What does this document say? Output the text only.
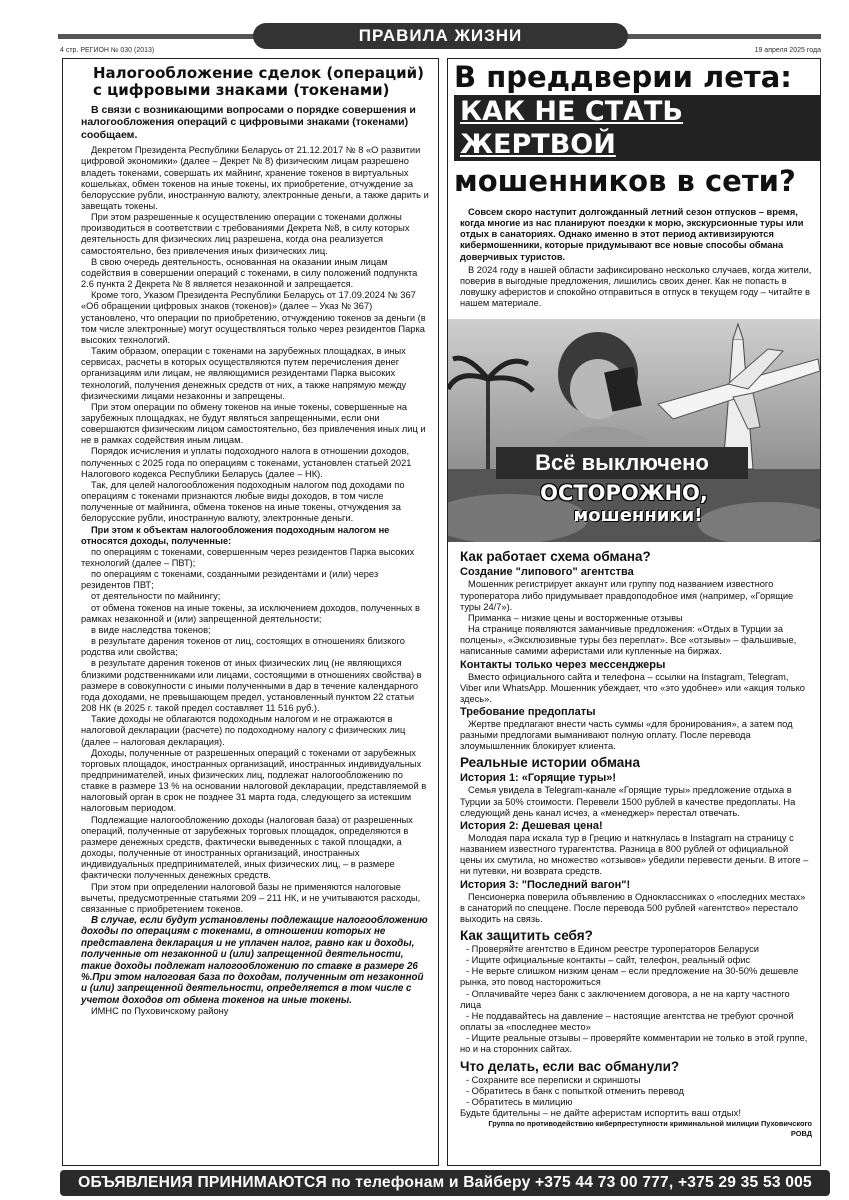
ПРАВИЛА ЖИЗНИ
4 стр. РЕГИОН № 030 (2013)	19 апреля 2025 года
Налогообложение сделок (операций) с цифровыми знаками (токенами)

В связи с возникающими вопросами о порядке совершения и налогообложения операций с цифровыми знаками (токенами) сообщаем.

Декретом Президента Республики Беларусь от 21.12.2017 № 8 «О развитии цифровой экономики» (далее – Декрет № 8) физическим лицам разрешено владеть токенами, совершать их майнинг, хранение токенов в виртуальных кошельках, обмен токенов на иные токены, их приобретение, отчуждение за белорусские рубли, иностранную валюту, электронные деньги, а также дарить и завещать токены.

При этом разрешенные к осуществлению операции с токенами должны производиться в соответствии с требованиями Декрета №8, в силу которых деятельность для физических лиц разрешена, когда она реализуется самостоятельно, без привлечения иных физических лиц.

В свою очередь деятельность, основанная на оказании иным лицам содействия в совершении операций с токенами, в силу положений подпункта 2.6 пункта 2 Декрета № 8 является незаконной и запрещается.

Кроме того, Указом Президента Республики Беларусь от 17.09.2024 № 367 «Об обращении цифровых знаков (токенов)» (далее – Указ № 367) установлено, что операции по приобретению, отчуждению токенов за деньги (в том числе электронные) могут осуществляться только через резидентов Парка высоких технологий.

Таким образом, операции с токенами на зарубежных площадках, в иных сервисах, расчеты в которых осуществляются путем перечисления денег организациям или лицам, не являющимися резидентами Парка высоких технологий, получения денежных средств от них, а также напрямую между физическими лицами незаконны и запрещены.

При этом операции по обмену токенов на иные токены, совершенные на зарубежных площадках, не будут являться запрещенными, если они совершаются физическим лицом самостоятельно, без привлечения иных лиц и не в рамках содействия иным лицам.

Порядок исчисления и уплаты подоходного налога в отношении доходов, полученных с 2025 года по операциям с токенами, установлен статьей 2021 Налогового кодекса Республики Беларусь (далее – НК).

Так, для целей налогообложения подоходным налогом под доходами по операциям с токенами признаются любые виды доходов, в том числе полученные от майнинга, обмена токенов на иные токены, отчуждения за белорусские рубли, иностранную валюту, электронные деньги.

При этом к объектам налогообложения подоходным налогом не относятся доходы, полученные:

по операциям с токенами, совершенным через резидентов Парка высоких технологий (далее – ПВТ);

по операциям с токенами, созданными резидентами и (или) через резидентов ПВТ;

от деятельности по майнингу;

от обмена токенов на иные токены, за исключением доходов, полученных в рамках незаконной и (или) запрещенной деятельности;

в виде наследства токенов;

в результате дарения токенов от лиц, состоящих в отношениях близкого родства или свойства;

в результате дарения токенов от иных физических лиц (не являющихся близкими родственниками или лицами, состоящими в отношениях свойства) в размере в совокупности с иными полученными в дар в течение календарного года доходами, не превышающем предел, установленный пунктом 22 статьи 208 НК (в 2025 г. такой предел составляет 11 516 руб.).

Такие доходы не облагаются подоходным налогом и не отражаются в налоговой декларации (расчете) по подоходному налогу с физических лиц (далее – налоговая декларация).

Доходы, полученные от разрешенных операций с токенами от зарубежных торговых площадок, иностранных организаций, иностранных индивидуальных предпринимателей, иных физических лиц, подлежат налогообложению по ставке в размере 13 % на основании налоговой декларации, представляемой в налоговый орган в срок не позднее 31 марта года, следующего за истекшим налоговым периодом.

Подлежащие налогообложению доходы (налоговая база) от разрешенных операций, полученные от зарубежных торговых площадок, определяются в размере денежных средств, фактически выведенных с такой площадки, а доходы, полученные от иностранных организаций, иностранных индивидуальных предпринимателей, иных физических лиц, – в размере фактически полученных денежных средств.

При этом при определении налоговой базы не применяются налоговые вычеты, предусмотренные статьями 209 – 211 НК, и не учитываются расходы, связанные с приобретением токенов.

В случае, если будут установлены подлежащие налогообложению доходы по операциям с токенами, в отношении которых не представлена декларация и не уплачен налог, равно как и доходы, полученные от незаконной и (или) запрещенной деятельности, такие доходы подлежат налогообложению по ставке в размере 26 %.При этом налоговая база по доходам, полученным от незаконной и (или) запрещенной деятельности, определяется в том числе с учетом доходов от обмена токенов на иные токены.

ИМНС по Пуховичскому району

В преддверии лета:
КАК НЕ СТАТЬ ЖЕРТВОЙ
мошенников в сети?

Совсем скоро наступит долгожданный летний сезон отпусков – время, когда многие из нас планируют поездки к морю, экскурсионные туры или отдых в санаториях. Однако именно в этот период активизируются кибермошенники, которые придумывают все новые способы обмана доверчивых туристов.

В 2024 году в нашей области зафиксировано несколько случаев, когда жители, поверив в выгодные предложения, лишились своих денег. Как не попасть в ловушку аферистов и спокойно отправиться в отпуск в текущем году – читайте в нашем материале.

Всё выключено
ОСТОРОЖНО,
мошенники!
Как работает схема обмана?
Создание "липового" агентства

Мошенник регистрирует аккаунт или группу под названием известного туроператора либо придумывает правдоподобное имя (например, «Горящие туры 24/7»).

Приманка – низкие цены и восторженные отзывы

На странице появляются заманчивые предложения: «Отдых в Турции за полцены», «Эксклюзивные туры без переплат». Все «отзывы» – фальшивые, написанные самими аферистами или купленные на биржах.

Контакты только через мессенджеры

Вместо официального сайта и телефона – ссылки на Instagram, Telegram, Viber или WhatsApp. Мошенник убеждает, что «это удобнее» или «акция только здесь».

Требование предоплаты

Жертве предлагают внести часть суммы «для бронирования», а затем под разными предлогами выманивают полную оплату. После перевода злоумышленник блокирует клиента.

Реальные истории обмана
История 1: «Горящие туры»!

Семья увидела в Telegram-канале «Горящие туры» предложение отдыха в Турции за 50% стоимости. Перевели 1500 рублей в качестве предоплаты. На следующий день канал исчез, а «менеджер» перестал отвечать.

История 2: Дешевая цена!

Молодая пара искала тур в Грецию и наткнулась в Instagram на страницу с названием известного турагентства. Разница в 800 рублей от официальной цены их смутила, но множество «отзывов» убедили перевести деньги. В итоге – ни путевки, ни возврата средств.

История 3: "Последний вагон"!

Пенсионерка поверила объявлению в Одноклассниках о «последних местах» в санаторий по спеццене. После перевода 500 рублей «агентство» перестало выходить на связь.

Как защитить себя?

- Проверяйте агентство в Едином реестре туроператоров Беларуси

- Ищите официальные контакты – сайт, телефон, реальный офис

- Не верьте слишком низким ценам – если предложение на 30-50% дешевле рынка, это повод насторожиться

- Оплачивайте через банк с заключением договора, а не на карту частного лица

- Не поддавайтесь на давление – настоящие агентства не требуют срочной оплаты за «последнее место»

- Ищите реальные отзывы – проверяйте комментарии не только в этой группе, но и на сторонних сайтах.

Что делать, если вас обманули?

- Сохраните все переписки и скриншоты

- Обратитесь в банк с попыткой отменить перевод

- Обратитесь в милицию

Будьте бдительны – не дайте аферистам испортить ваш отдых!

Группа по противодействию киберпреступности криминальной милиции Пуховичского РОВД

ОБЪЯВЛЕНИЯ ПРИНИМАЮТСЯ по телефонам и Вайберу +375 44 73 00 777, +375 29 35 53 005
